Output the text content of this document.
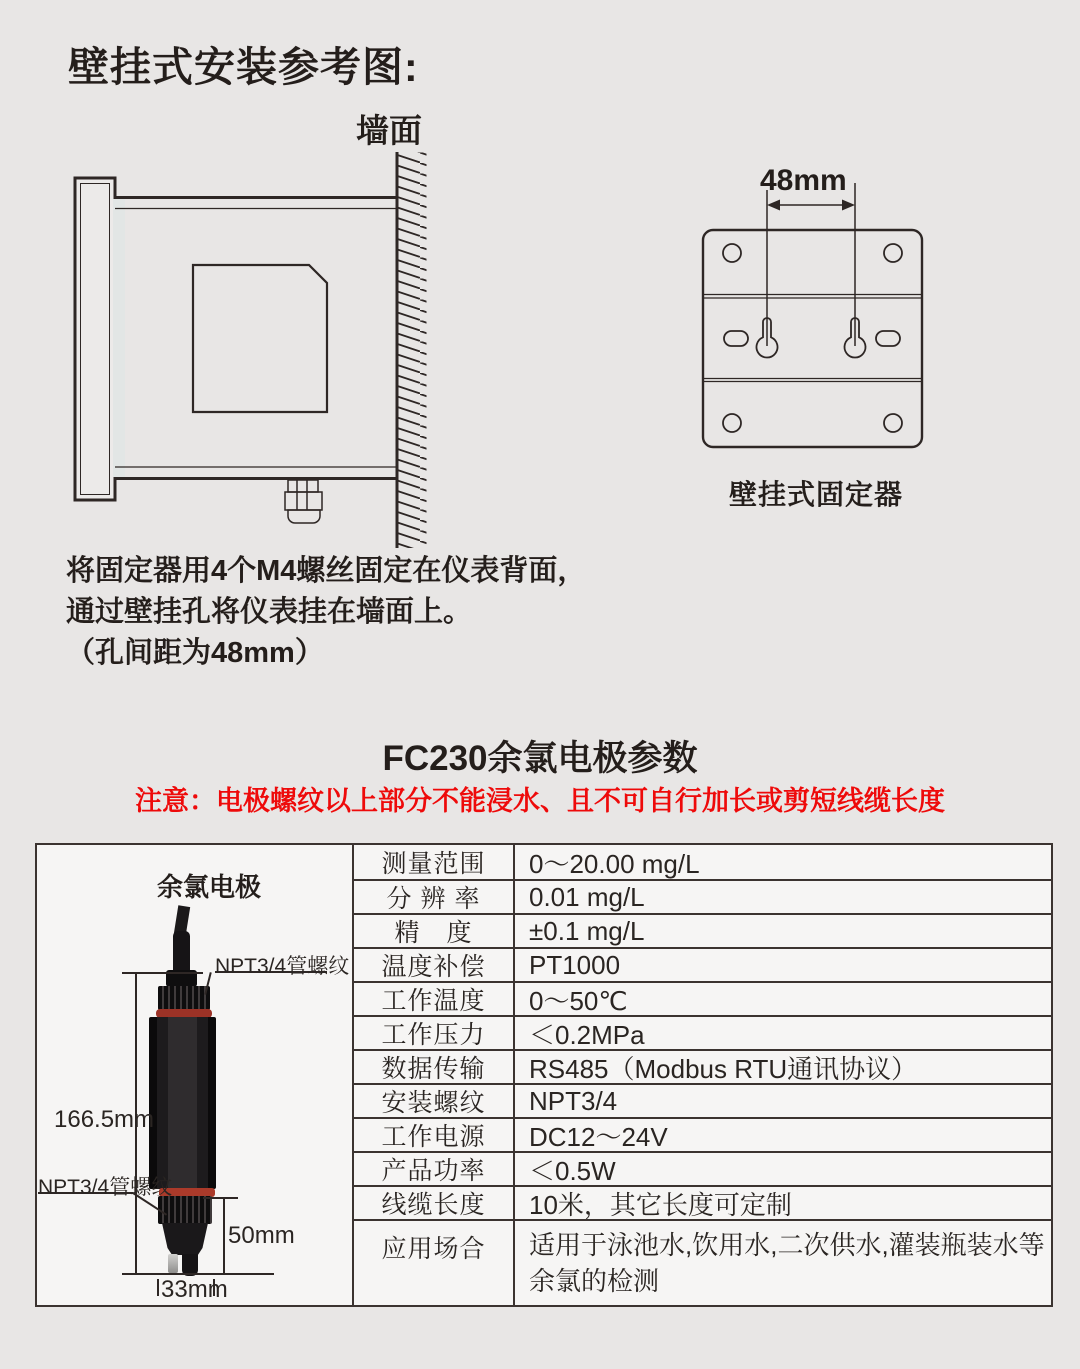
壁挂式安装参考图:
墙面
48mm
壁挂式固定器
将固定器用4个M4螺丝固定在仪表背面，
通过壁挂孔将仪表挂在墙面上。
（孔间距为48mm）
FC230余氯电极参数
注意：电极螺纹以上部分不能浸水、且不可自行加长或剪短线缆长度
余氯电极
NPT3/4管螺纹
166.5mm
NPT3/4管螺纹
50mm
33mm
测量范围	0～20.00 mg/L
分 辨 率	0.01 mg/L
精　度	±0.1 mg/L
温度补偿	PT1000
工作温度	0～50℃
工作压力	＜0.2MPa
数据传输	RS485（Modbus RTU通讯协议）
安装螺纹	NPT3/4
工作电源	DC12～24V
产品功率	＜0.5W
线缆长度	10米，其它长度可定制
应用场合	适用于泳池水,饮用水,二次供水,灌装瓶装水等余氯的检测
